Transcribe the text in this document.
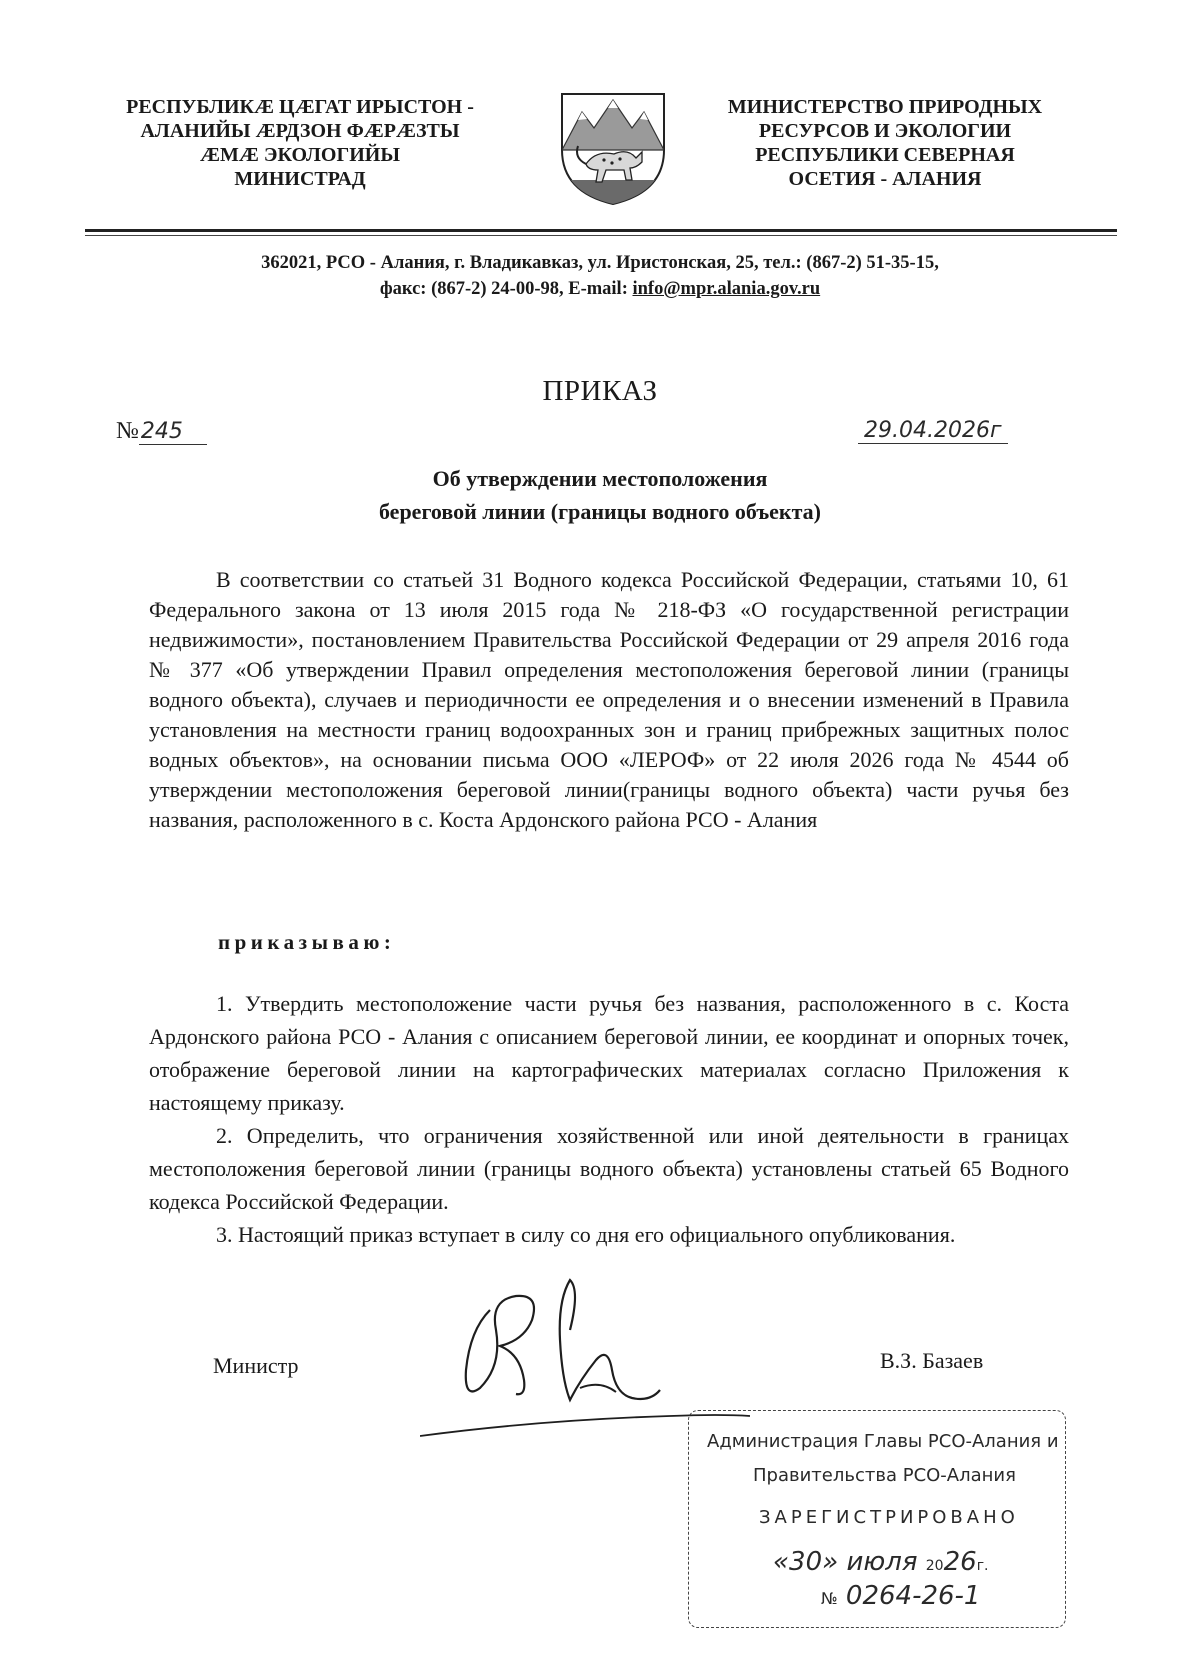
РЕСПУБЛИКÆ ЦÆГАТ ИРЫСТОН -
АЛАНИЙЫ ÆРДЗОН ФÆРÆЗТЫ
ÆМÆ ЭКОЛОГИЙЫ
МИНИСТРАД
МИНИСТЕРСТВО ПРИРОДНЫХ
РЕСУРСОВ И ЭКОЛОГИИ
РЕСПУБЛИКИ СЕВЕРНАЯ
ОСЕТИЯ - АЛАНИЯ
362021, РСО - Алания, г. Владикавказ, ул. Иристонская, 25, тел.: (867-2) 51-35-15,
факс: (867-2) 24-00-98, E-mail: info@mpr.alania.gov.ru
ПРИКАЗ
№245	29.04.2026г
Об утверждении местоположения
береговой линии (границы водного объекта)

В соответствии со статьей 31 Водного кодекса Российской Федерации, статьями 10, 61 Федерального закона от 13 июля 2015 года № 218-ФЗ «О государственной регистрации недвижимости», постановлением Правительства Российской Федерации от 29 апреля 2016 года № 377 «Об утверждении Правил определения местоположения береговой линии (границы водного объекта), случаев и периодичности ее определения и о внесении изменений в Правила установления на местности границ водоохранных зон и границ прибрежных защитных полос водных объектов», на основании письма ООО «ЛЕРОФ» от 22 июля 2026 года № 4544 об утверждении местоположения береговой линии(границы водного объекта) части ручья без названия, расположенного в с. Коста Ардонского района РСО - Алания

приказываю:

1. Утвердить местоположение части ручья без названия, расположенного в с. Коста Ардонского района РСО - Алания с описанием береговой линии, ее координат и опорных точек, отображение береговой линии на картографических материалах согласно Приложения к настоящему приказу.

2. Определить, что ограничения хозяйственной или иной деятельности в границах местоположения береговой линии (границы водного объекта) установлены статьей 65 Водного кодекса Российской Федерации.

3. Настоящий приказ вступает в силу со дня его официального опубликования.

Министр	В.З. Базаев
Администрация Главы РСО-Алания и
Правительства РСО-Алания
ЗАРЕГИСТРИРОВАНО
«30» июля 2026г.
№ 0264-26-1
